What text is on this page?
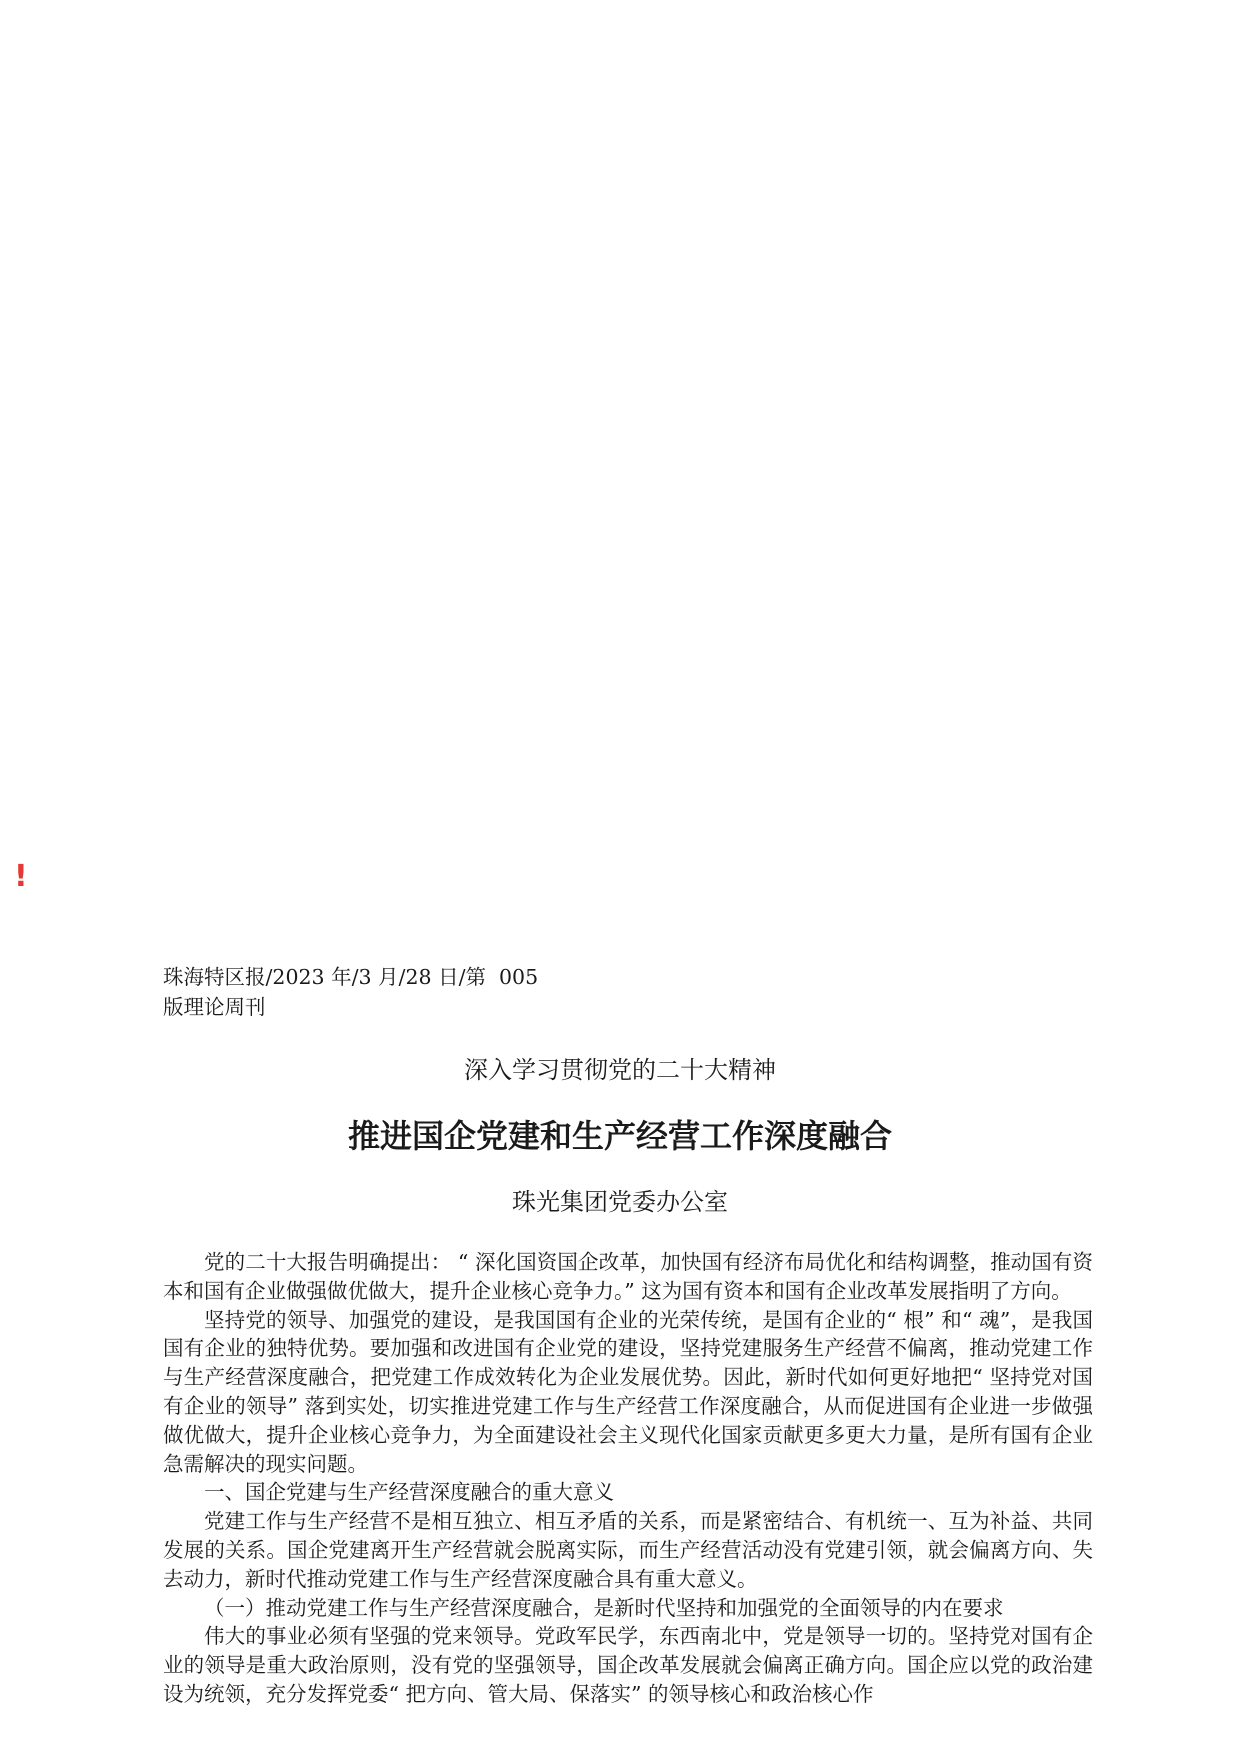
!
珠海特区报/2023 年/3 月/28 日/第  005
版理论周刊
深入学习贯彻党的二十大精神
推进国企党建和生产经营工作深度融合
珠光集团党委办公室

党的二十大报告明确提出： “ 深化国资国企改革，加快国有经济布局优化和结构调整，推动国有资本和国有企业做强做优做大，提升企业核心竞争力。” 这为国有资本和国有企业改革发展指明了方向。

坚持党的领导、加强党的建设，是我国国有企业的光荣传统，是国有企业的“ 根” 和“ 魂”，是我国国有企业的独特优势。要加强和改进国有企业党的建设，坚持党建服务生产经营不偏离，推动党建工作与生产经营深度融合，把党建工作成效转化为企业发展优势。因此，新时代如何更好地把“ 坚持党对国有企业的领导” 落到实处，切实推进党建工作与生产经营工作深度融合，从而促进国有企业进一步做强做优做大，提升企业核心竞争力，为全面建设社会主义现代化国家贡献更多更大力量，是所有国有企业急需解决的现实问题。

一、国企党建与生产经营深度融合的重大意义

党建工作与生产经营不是相互独立、相互矛盾的关系，而是紧密结合、有机统一、互为补益、共同发展的关系。国企党建离开生产经营就会脱离实际，而生产经营活动没有党建引领，就会偏离方向、失去动力，新时代推动党建工作与生产经营深度融合具有重大意义。

（一）推动党建工作与生产经营深度融合，是新时代坚持和加强党的全面领导的内在要求

伟大的事业必须有坚强的党来领导。党政军民学，东西南北中，党是领导一切的。坚持党对国有企业的领导是重大政治原则，没有党的坚强领导，国企改革发展就会偏离正确方向。国企应以党的政治建设为统领，充分发挥党委“ 把方向、管大局、保落实” 的领导核心和政治核心作
